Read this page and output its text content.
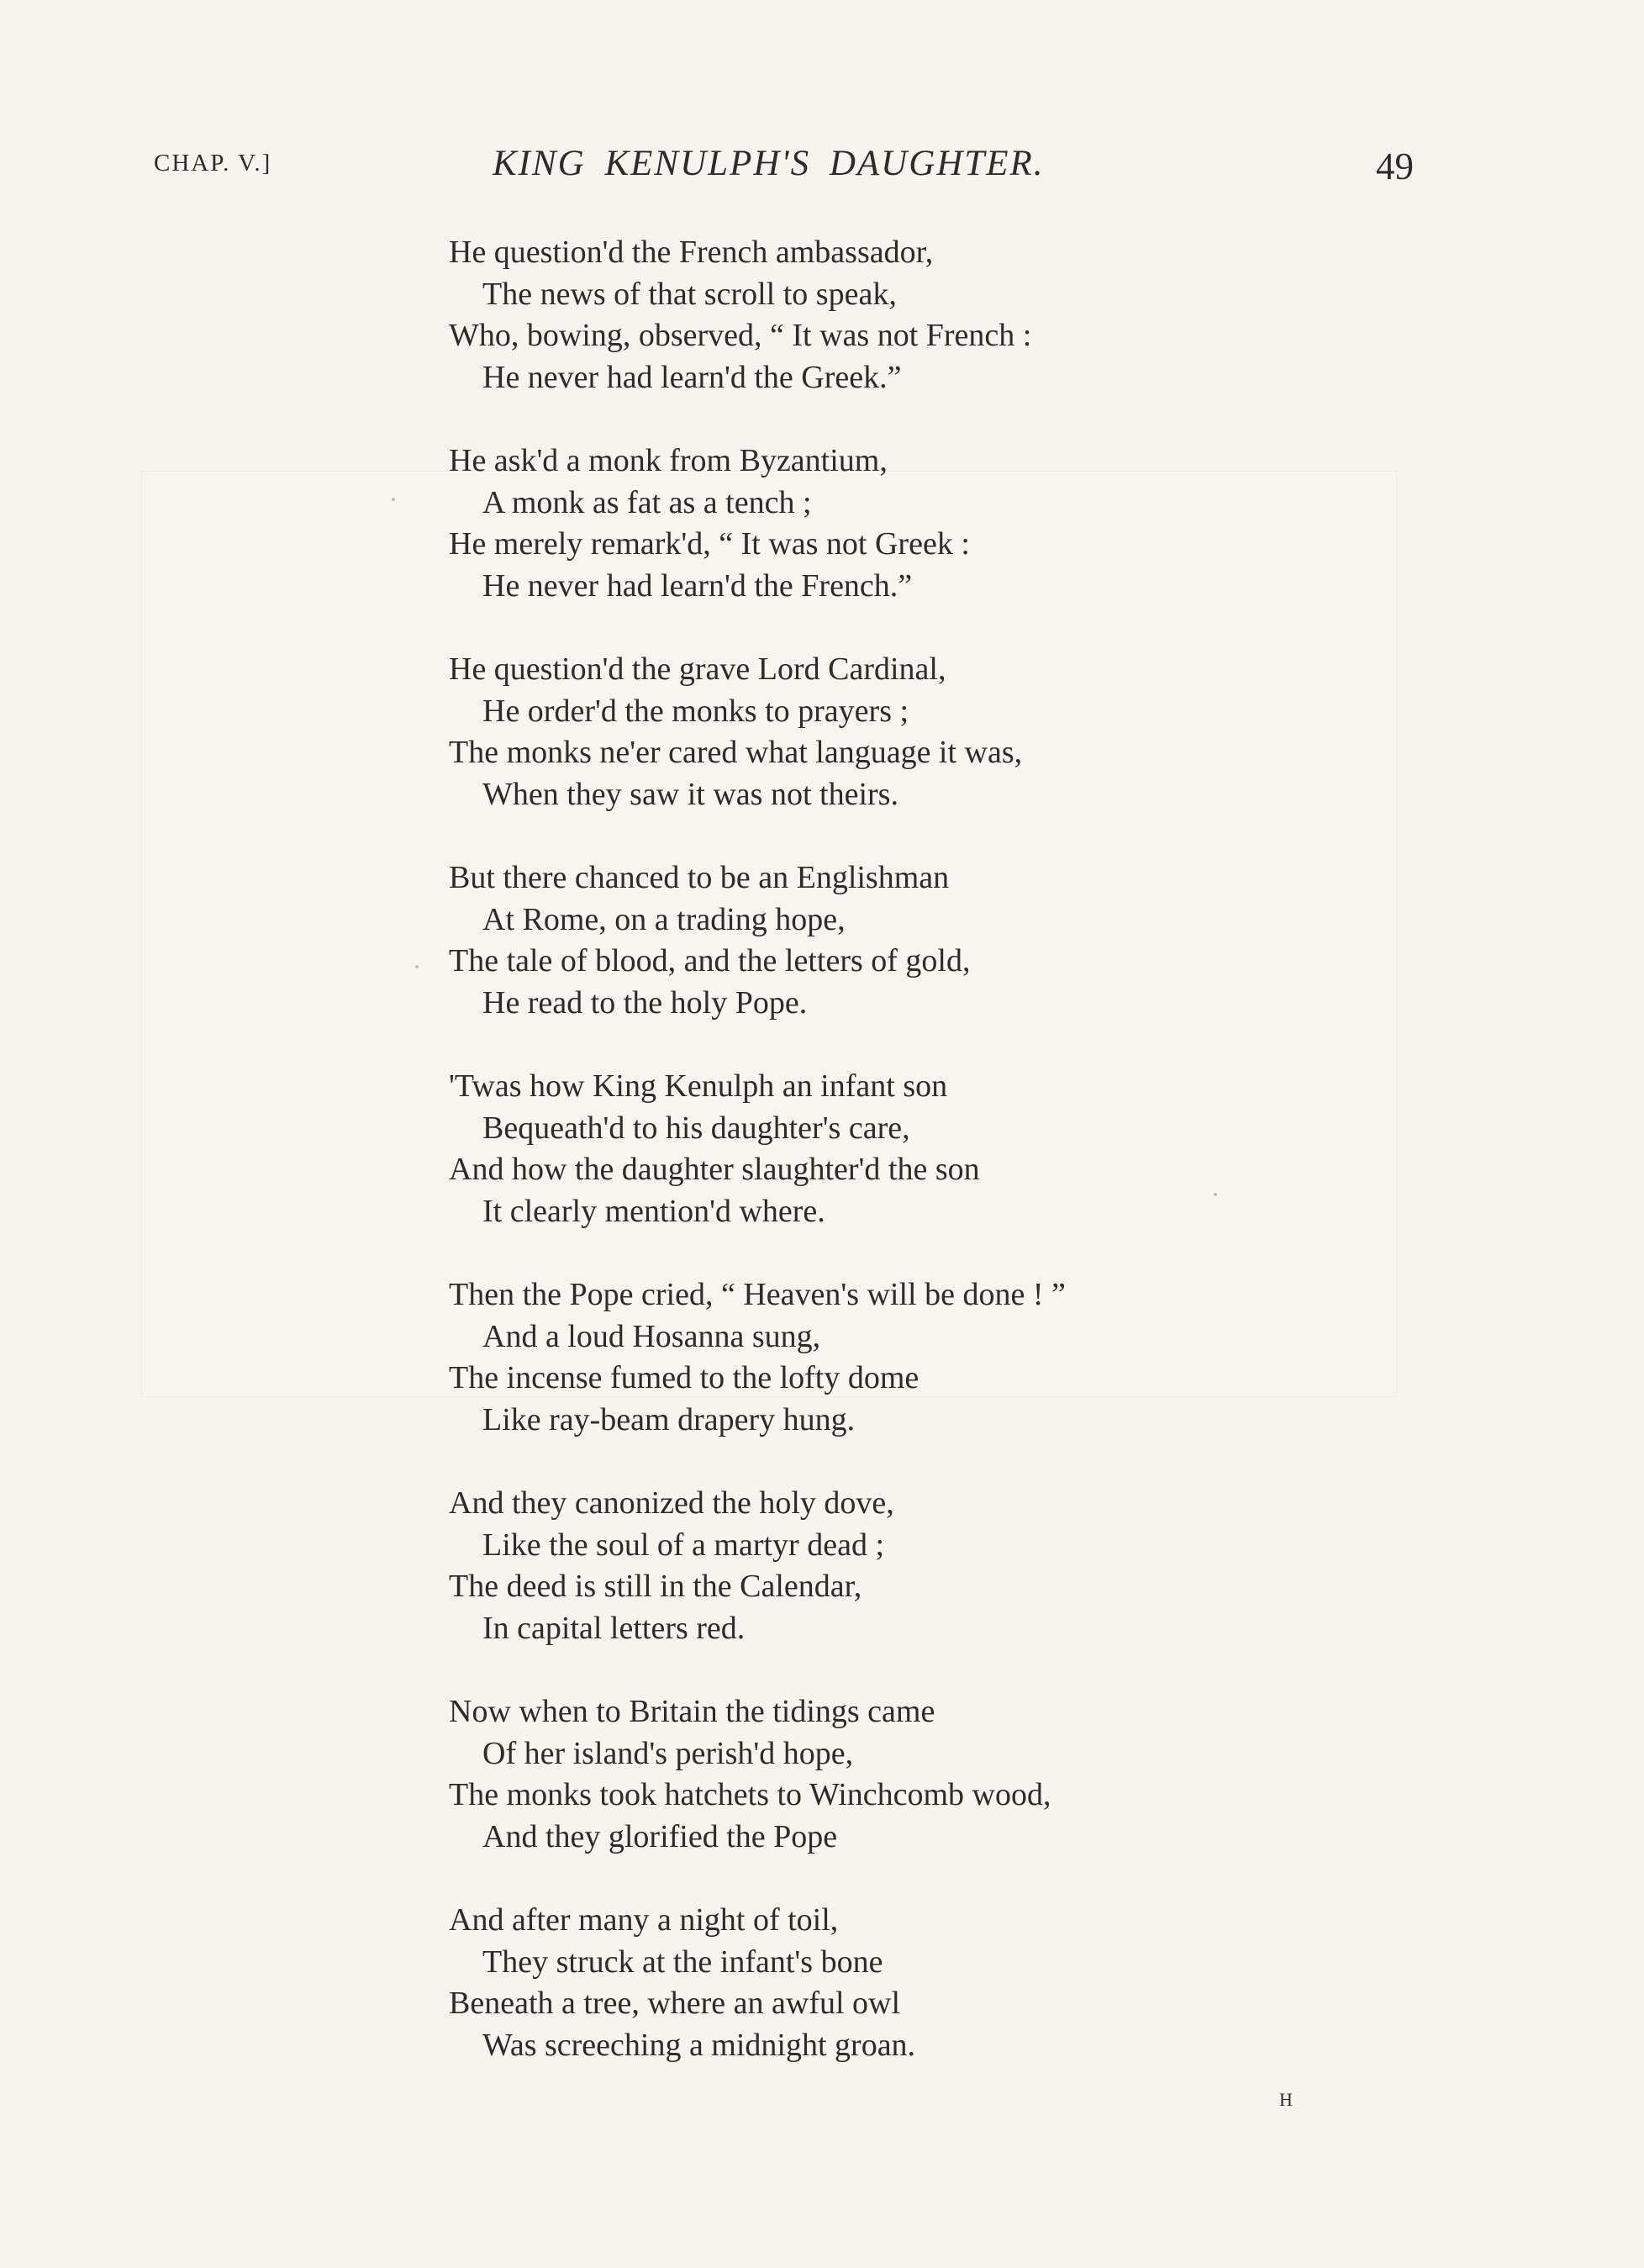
CHAP. V.]	KING KENULPH'S DAUGHTER.	49
He question'd the French ambassador,
The news of that scroll to speak,
Who, bowing, observed, “ It was not French :
He never had learn'd the Greek.”
He ask'd a monk from Byzantium,
A monk as fat as a tench ;
He merely remark'd, “ It was not Greek :
He never had learn'd the French.”
He question'd the grave Lord Cardinal,
He order'd the monks to prayers ;
The monks ne'er cared what language it was,
When they saw it was not theirs.
But there chanced to be an Englishman
At Rome, on a trading hope,
The tale of blood, and the letters of gold,
He read to the holy Pope.
'Twas how King Kenulph an infant son
Bequeath'd to his daughter's care,
And how the daughter slaughter'd the son
It clearly mention'd where.
Then the Pope cried, “ Heaven's will be done ! ”
And a loud Hosanna sung,
The incense fumed to the lofty dome
Like ray-beam drapery hung.
And they canonized the holy dove,
Like the soul of a martyr dead ;
The deed is still in the Calendar,
In capital letters red.
Now when to Britain the tidings came
Of her island's perish'd hope,
The monks took hatchets to Winchcomb wood,
And they glorified the Pope
And after many a night of toil,
They struck at the infant's bone
Beneath a tree, where an awful owl
Was screeching a midnight groan.
H
